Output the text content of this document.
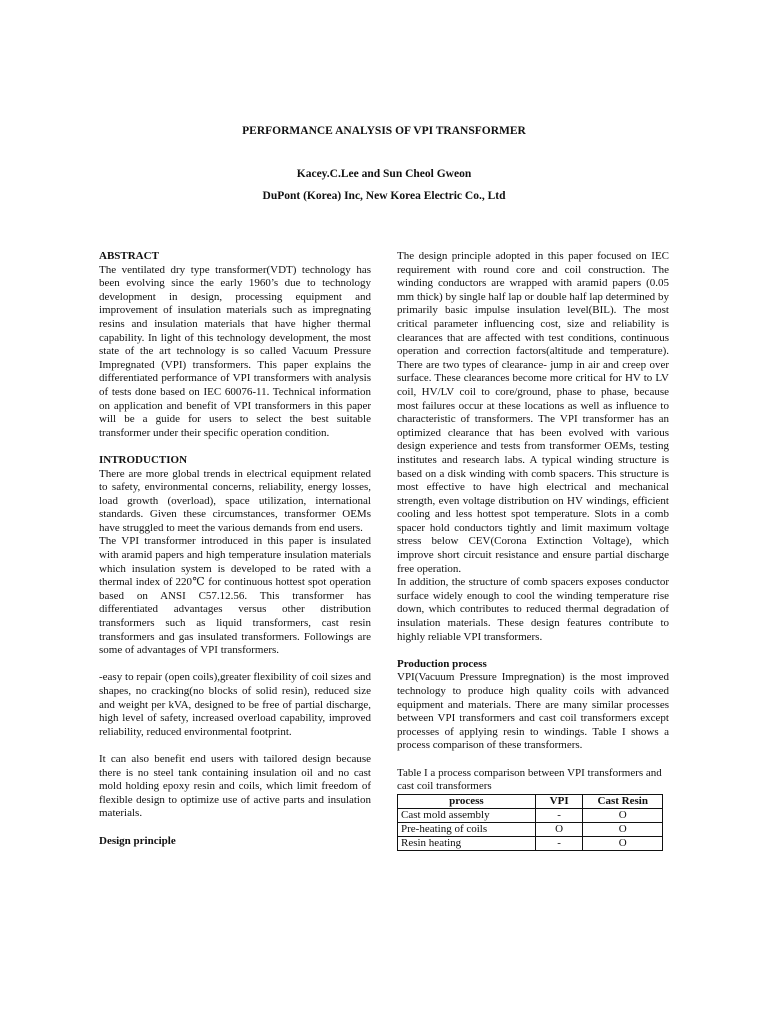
PERFORMANCE ANALYSIS OF VPI TRANSFORMER
Kacey.C.Lee and Sun Cheol Gweon
DuPont (Korea) Inc, New Korea Electric Co., Ltd

ABSTRACT

The ventilated dry type transformer(VDT) technology has been evolving since the early 1960’s due to technology development in design, processing equipment and improvement of insulation materials such as impregnating resins and insulation materials that have higher thermal capability. In light of this technology development, the most state of the art technology is so called Vacuum Pressure Impregnated (VPI) transformers. This paper explains the differentiated performance of VPI transformers with analysis of tests done based on IEC 60076-11. Technical information on application and benefit of VPI transformers in this paper will be a guide for users to select the best suitable transformer under their specific operation condition.

INTRODUCTION

There are more global trends in electrical equipment related to safety, environmental concerns, reliability, energy losses, load growth (overload), space utilization, international standards. Given these circumstances, transformer OEMs have struggled to meet the various demands from end users.

The VPI transformer introduced in this paper is insulated with aramid papers and high temperature insulation materials which insulation system is developed to be rated with a thermal index of 220℃ for continuous hottest spot operation based on ANSI C57.12.56. This transformer has differentiated advantages versus other distribution transformers such as liquid transformers, cast resin transformers and gas insulated transformers. Followings are some of advantages of VPI transformers.

-easy to repair (open coils),greater flexibility of coil sizes and shapes, no cracking(no blocks of solid resin), reduced size and weight per kVA, designed to be free of partial discharge, high level of safety, increased overload capability, improved reliability, reduced environmental footprint.

It can also benefit end users with tailored design because there is no steel tank containing insulation oil and no cast mold holding epoxy resin and coils, which limit freedom of flexible design to optimize use of active parts and insulation materials.

Design principle

The design principle adopted in this paper focused on IEC requirement with round core and coil construction. The winding conductors are wrapped with aramid papers (0.05 mm thick) by single half lap or double half lap determined by primarily basic impulse insulation level(BIL). The most critical parameter influencing cost, size and reliability is clearances that are affected with test conditions, continuous operation and correction factors(altitude and temperature). There are two types of clearance- jump in air and creep over surface. These clearances become more critical for HV to LV coil, HV/LV coil to core/ground, phase to phase, because most failures occur at these locations as well as influence to characteristic of transformers. The VPI transformer has an optimized clearance that has been evolved with various design experience and tests from transformer OEMs, testing institutes and research labs. A typical winding structure is based on a disk winding with comb spacers. This structure is most effective to have high electrical and mechanical strength, even voltage distribution on HV windings, efficient cooling and less hottest spot temperature. Slots in a comb spacer hold conductors tightly and limit maximum voltage stress below CEV(Corona Extinction Voltage), which improve short circuit resistance and ensure partial discharge free operation.

In addition, the structure of comb spacers exposes conductor surface widely enough to cool the winding temperature rise down, which contributes to reduced thermal degradation of insulation materials. These design features contribute to highly reliable VPI transformers.

Production process

VPI(Vacuum Pressure Impregnation) is the most improved technology to produce high quality coils with advanced equipment and materials. There are many similar processes between VPI transformers and cast coil transformers except processes of applying resin to windings. Table I shows a process comparison of these transformers.

Table I a process comparison between VPI transformers and cast coil transformers

process	VPI	Cast Resin
Cast mold assembly	-	O
Pre-heating of coils	O	O
Resin heating	-	O
